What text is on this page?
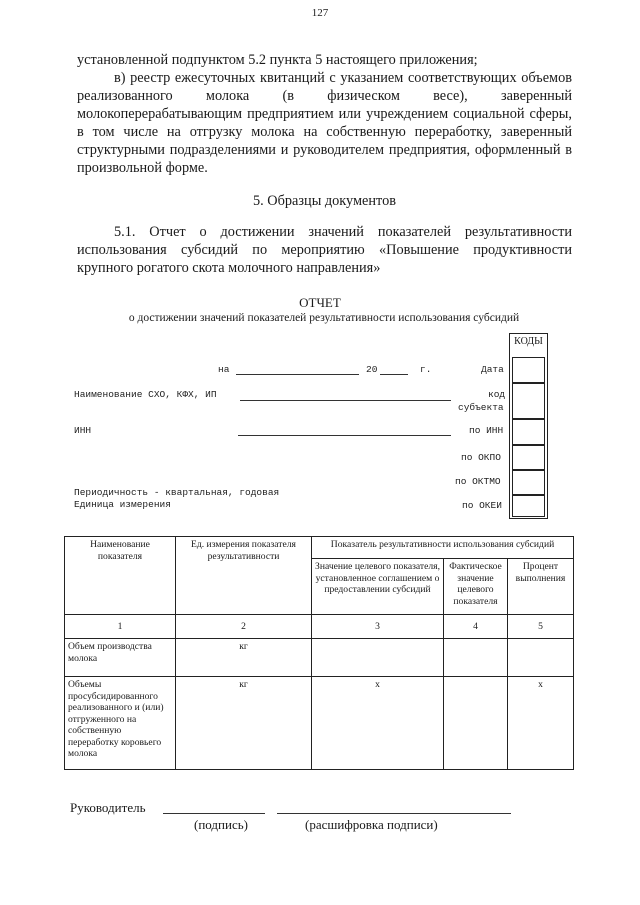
127
установленной подпунктом 5.2 пункта 5 настоящего приложения;
в) реестр ежесуточных квитанций с указанием соответствующих объемов реализованного молока (в физическом весе), заверенный молокоперерабатывающим предприятием или учреждением социальной сферы, в том числе на отгрузку молока на собственную переработку, заверенный структурными подразделениями и руководителем предприятия, оформленный в произвольной форме.
5. Образцы документов
5.1. Отчет о достижении значений показателей результативности использования субсидий по мероприятию «Повышение продуктивности крупного рогатого скота молочного направления»
ОТЧЕТ
о достижении значений показателей результативности использования субсидий
КОДЫ
на	20	г.	Дата
Наименование СХО, КФХ, ИП	код
субъекта
ИНН	по ИНН
по ОКПО
по ОКТМО
Периодичность - квартальная, годовая
Единица измерения	по ОКЕИ
Наименование показателя	Ед. измерения показателя результативности	Показатель результативности использования субсидий		
		Значение целевого показателя, установленное соглашением о предоставлении субсидий	Фактическое значение целевого показателя	Процент выполнения
1	2	3	4	5
Объем производства молока	кг			
Объемы просубсидированного реализованного и (или) отгруженного на собственную переработку коровьего молока	кг	х		х
Руководитель
(подпись)	(расшифровка подписи)
